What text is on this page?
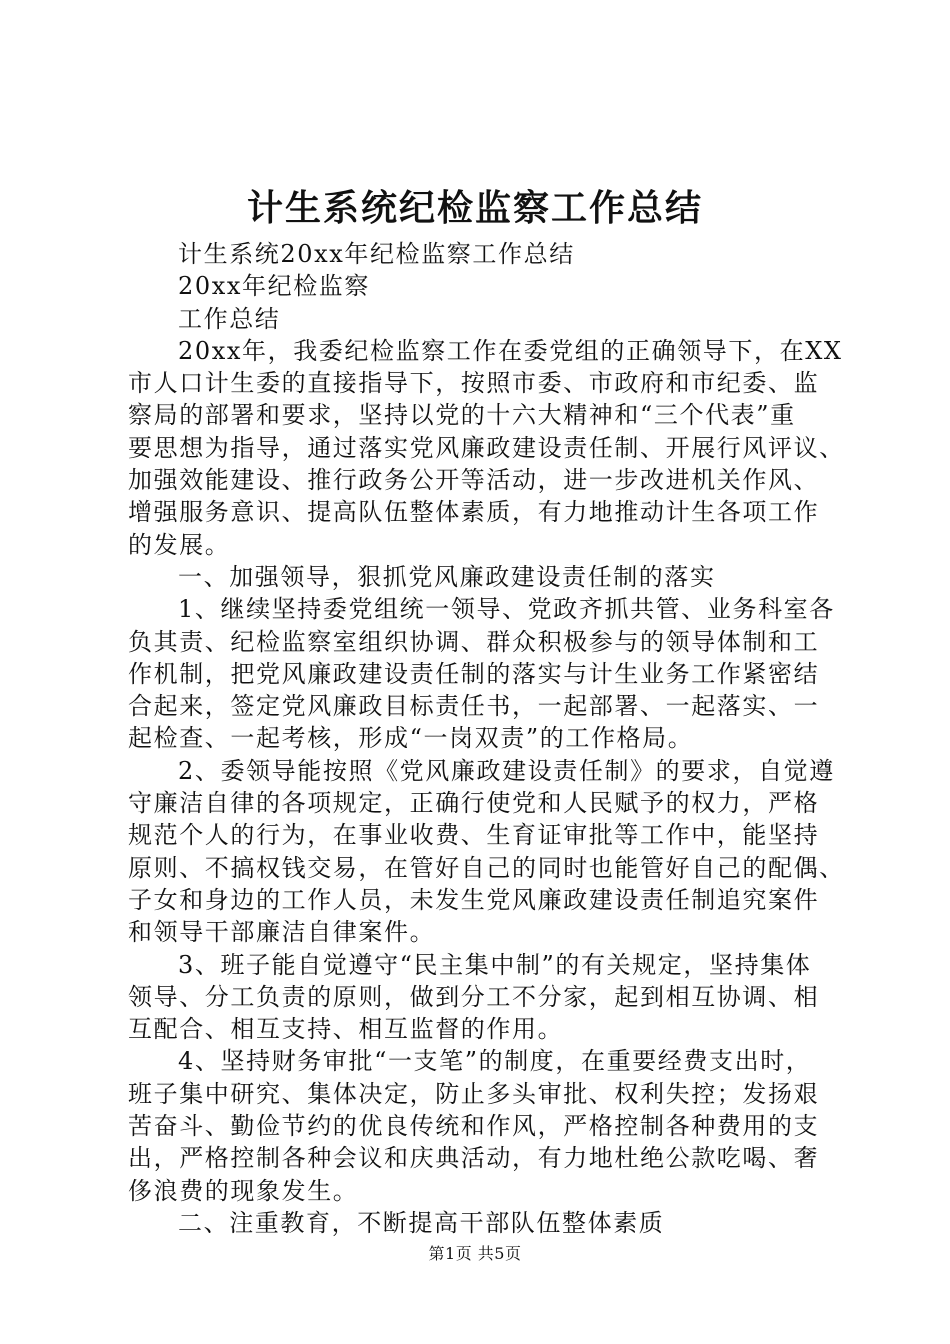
计生系统纪检监察工作总结
计生系统20xx年纪检监察工作总结
20xx年纪检监察
工作总结
20xx年，我委纪检监察工作在委党组的正确领导下，在XX
市人口计生委的直接指导下，按照市委、市政府和市纪委、监
察局的部署和要求，坚持以党的十六大精神和“三个代表”重
要思想为指导，通过落实党风廉政建设责任制、开展行风评议、
加强效能建设、推行政务公开等活动，进一步改进机关作风、
增强服务意识、提高队伍整体素质，有力地推动计生各项工作
的发展。
一、加强领导，狠抓党风廉政建设责任制的落实
1、继续坚持委党组统一领导、党政齐抓共管、业务科室各
负其责、纪检监察室组织协调、群众积极参与的领导体制和工
作机制，把党风廉政建设责任制的落实与计生业务工作紧密结
合起来，签定党风廉政目标责任书，一起部署、一起落实、一
起检查、一起考核，形成“一岗双责”的工作格局。
2、委领导能按照《党风廉政建设责任制》的要求，自觉遵
守廉洁自律的各项规定，正确行使党和人民赋予的权力，严格
规范个人的行为，在事业收费、生育证审批等工作中，能坚持
原则、不搞权钱交易，在管好自己的同时也能管好自己的配偶、
子女和身边的工作人员，未发生党风廉政建设责任制追究案件
和领导干部廉洁自律案件。
3、班子能自觉遵守“民主集中制”的有关规定，坚持集体
领导、分工负责的原则，做到分工不分家，起到相互协调、相
互配合、相互支持、相互监督的作用。
4、坚持财务审批“一支笔”的制度，在重要经费支出时，
班子集中研究、集体决定，防止多头审批、权利失控；发扬艰
苦奋斗、勤俭节约的优良传统和作风，严格控制各种费用的支
出，严格控制各种会议和庆典活动，有力地杜绝公款吃喝、奢
侈浪费的现象发生。
二、注重教育，不断提高干部队伍整体素质
第1页 共5页
